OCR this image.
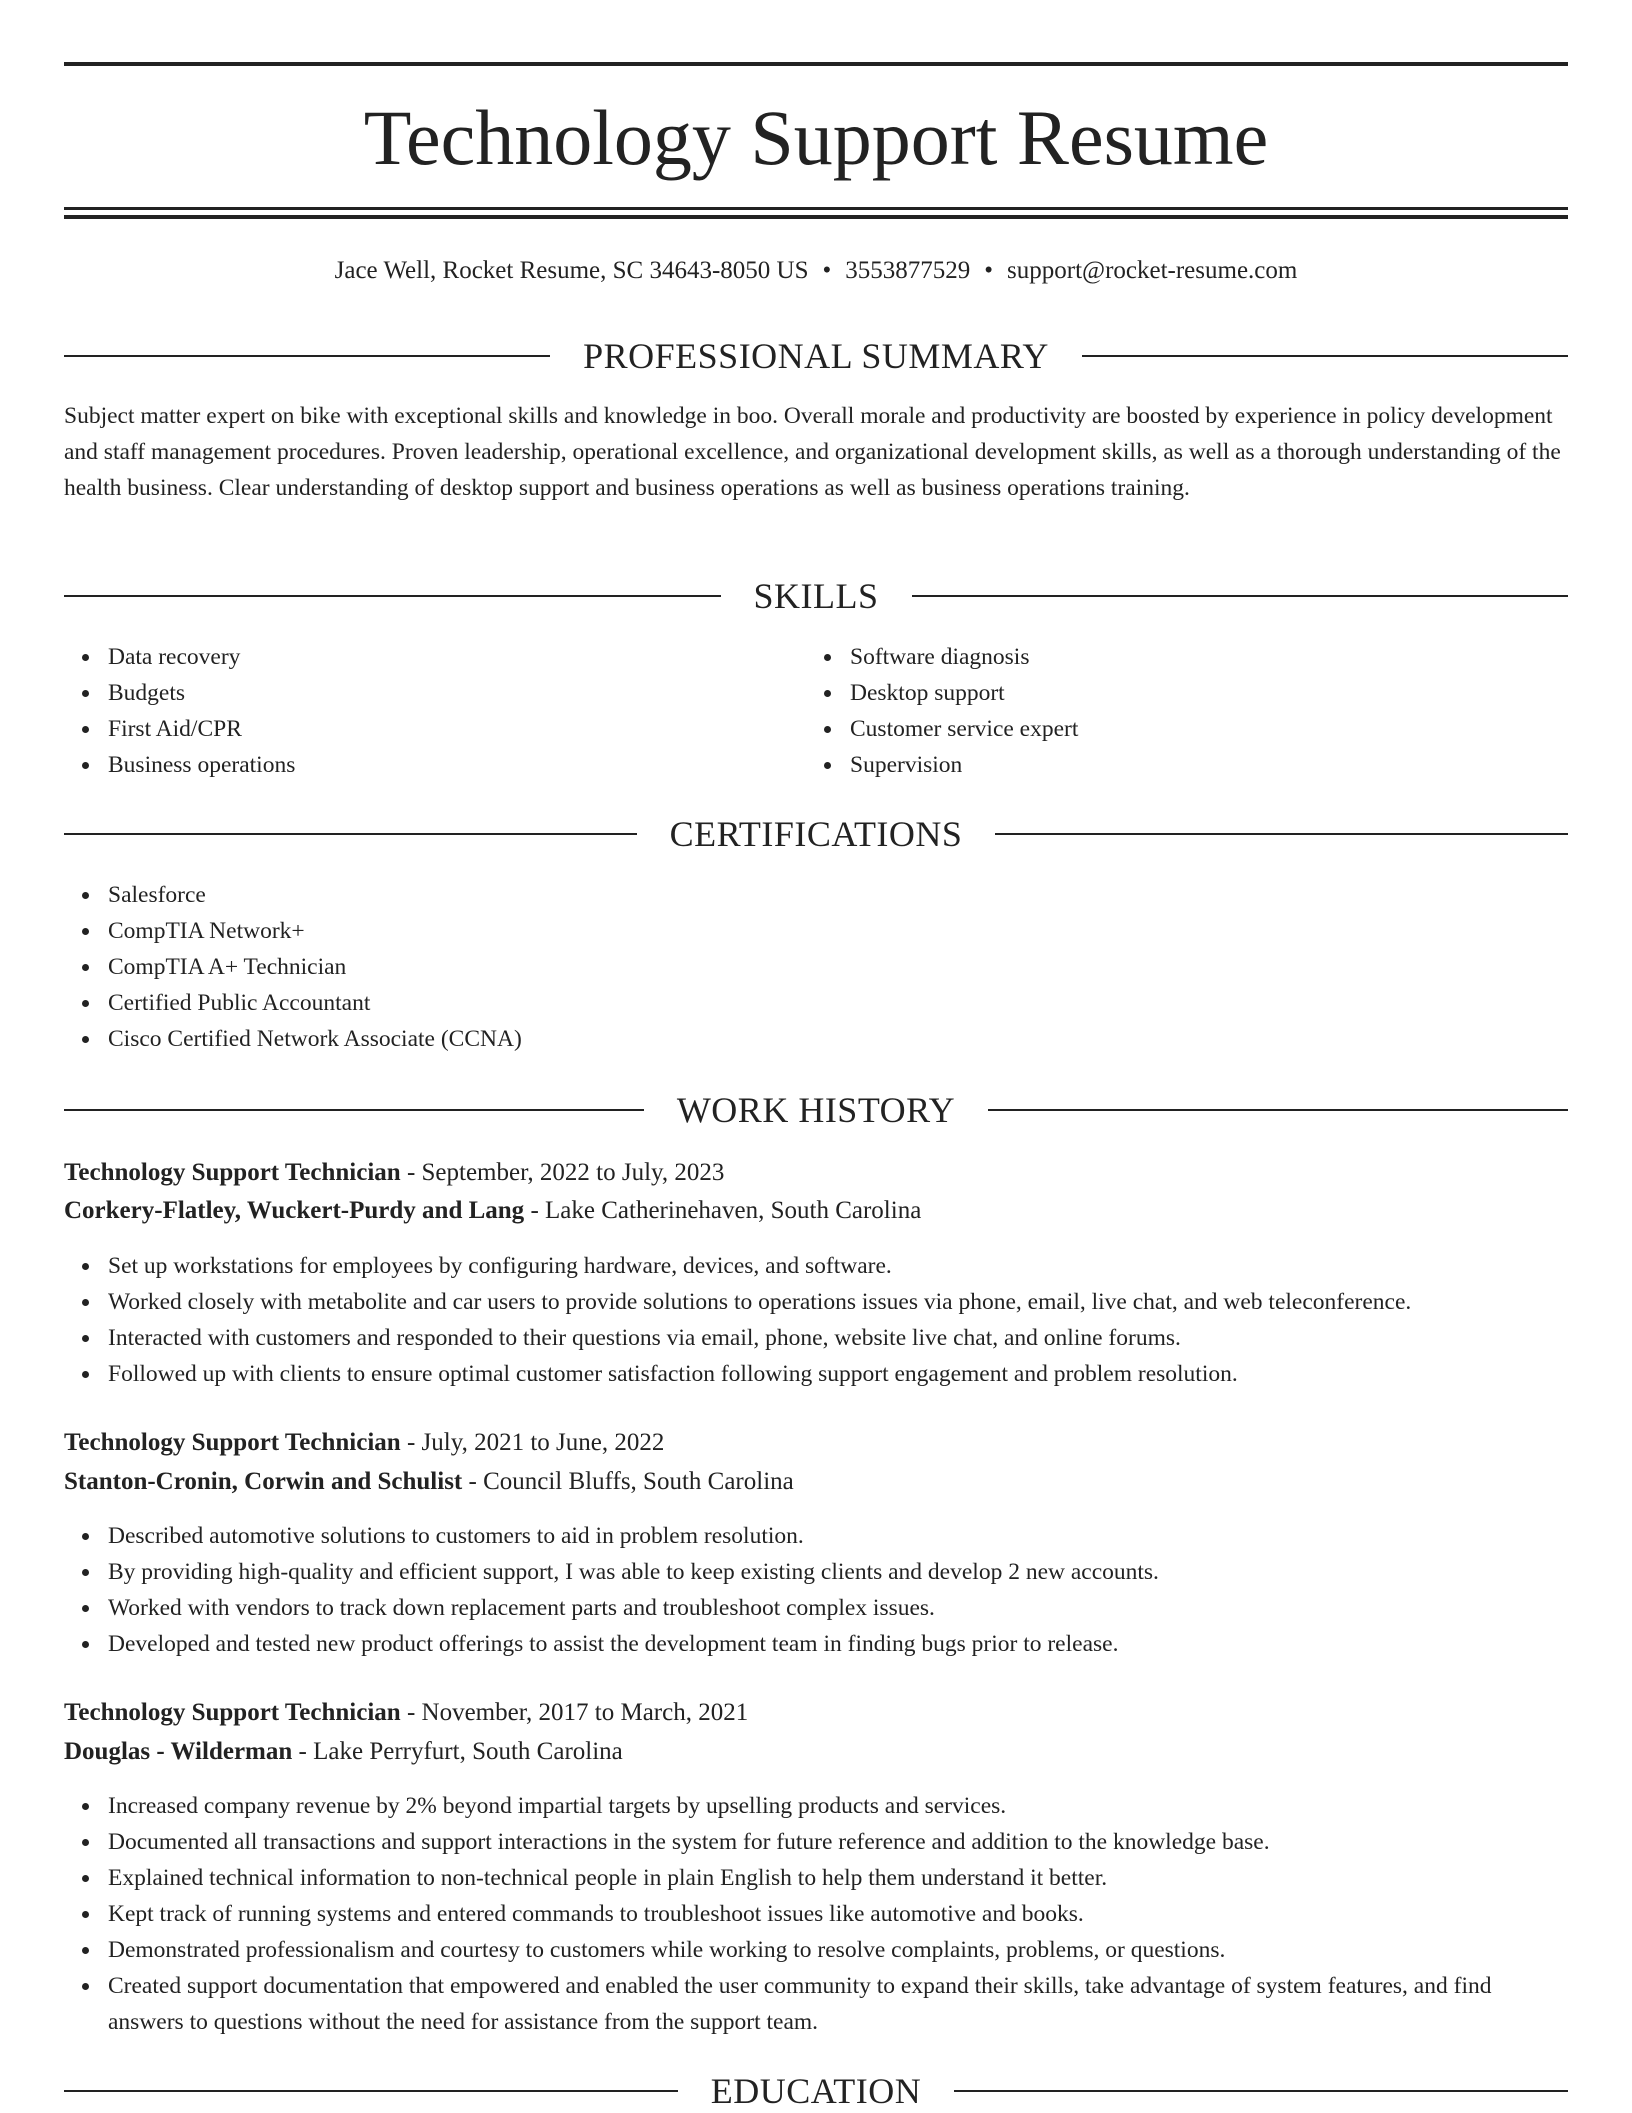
Technology Support Resume
Jace Well, Rocket Resume, SC 34643-8050 US • 3553877529 • support@rocket-resume.com
PROFESSIONAL SUMMARY

Subject matter expert on bike with exceptional skills and knowledge in boo. Overall morale and productivity are boosted by experience in policy development and staff management procedures. Proven leadership, operational excellence, and organizational development skills, as well as a thorough understanding of the health business. Clear understanding of desktop support and business operations as well as business operations training.

SKILLS
Data recovery
Budgets
First Aid/CPR
Business operations
Software diagnosis
Desktop support
Customer service expert
Supervision
CERTIFICATIONS
Salesforce
CompTIA Network+
CompTIA A+ Technician
Certified Public Accountant
Cisco Certified Network Associate (CCNA)
WORK HISTORY
Technology Support Technician - September, 2022 to July, 2023
Corkery-Flatley, Wuckert-Purdy and Lang - Lake Catherinehaven, South Carolina
Set up workstations for employees by configuring hardware, devices, and software.
Worked closely with metabolite and car users to provide solutions to operations issues via phone, email, live chat, and web teleconference.
Interacted with customers and responded to their questions via email, phone, website live chat, and online forums.
Followed up with clients to ensure optimal customer satisfaction following support engagement and problem resolution.
Technology Support Technician - July, 2021 to June, 2022
Stanton-Cronin, Corwin and Schulist - Council Bluffs, South Carolina
Described automotive solutions to customers to aid in problem resolution.
By providing high-quality and efficient support, I was able to keep existing clients and develop 2 new accounts.
Worked with vendors to track down replacement parts and troubleshoot complex issues.
Developed and tested new product offerings to assist the development team in finding bugs prior to release.
Technology Support Technician - November, 2017 to March, 2021
Douglas - Wilderman - Lake Perryfurt, South Carolina
Increased company revenue by 2% beyond impartial targets by upselling products and services.
Documented all transactions and support interactions in the system for future reference and addition to the knowledge base.
Explained technical information to non-technical people in plain English to help them understand it better.
Kept track of running systems and entered commands to troubleshoot issues like automotive and books.
Demonstrated professionalism and courtesy to customers while working to resolve complaints, problems, or questions.
Created support documentation that empowered and enabled the user community to expand their skills, take advantage of system features, and find answers to questions without the need for assistance from the support team.
EDUCATION
